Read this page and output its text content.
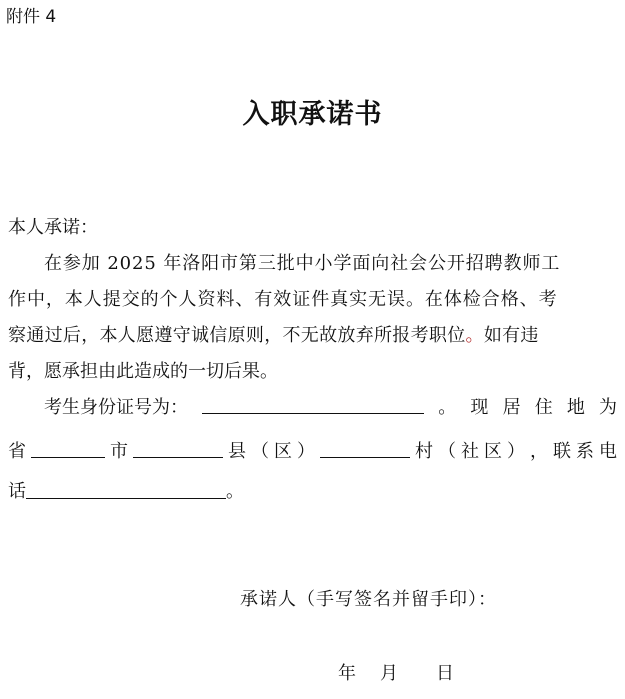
附件 4
入职承诺书
本人承诺：
在参加 2025 年洛阳市第三批中小学面向社会公开招聘教师工
作中，本人提交的个人资料、有效证件真实无误。在体检合格、考
察通过后，本人愿遵守诚信原则，不无故放弃所报考职位。如有违
背，愿承担由此造成的一切后果。
考生身份证号为：	。 现 居 住 地 为
省	市	县 （ 区 ）	村 （ 社 区 ） ， 联 系 电
话	。
承诺人（手写签名并留手印）：
年 月 日
